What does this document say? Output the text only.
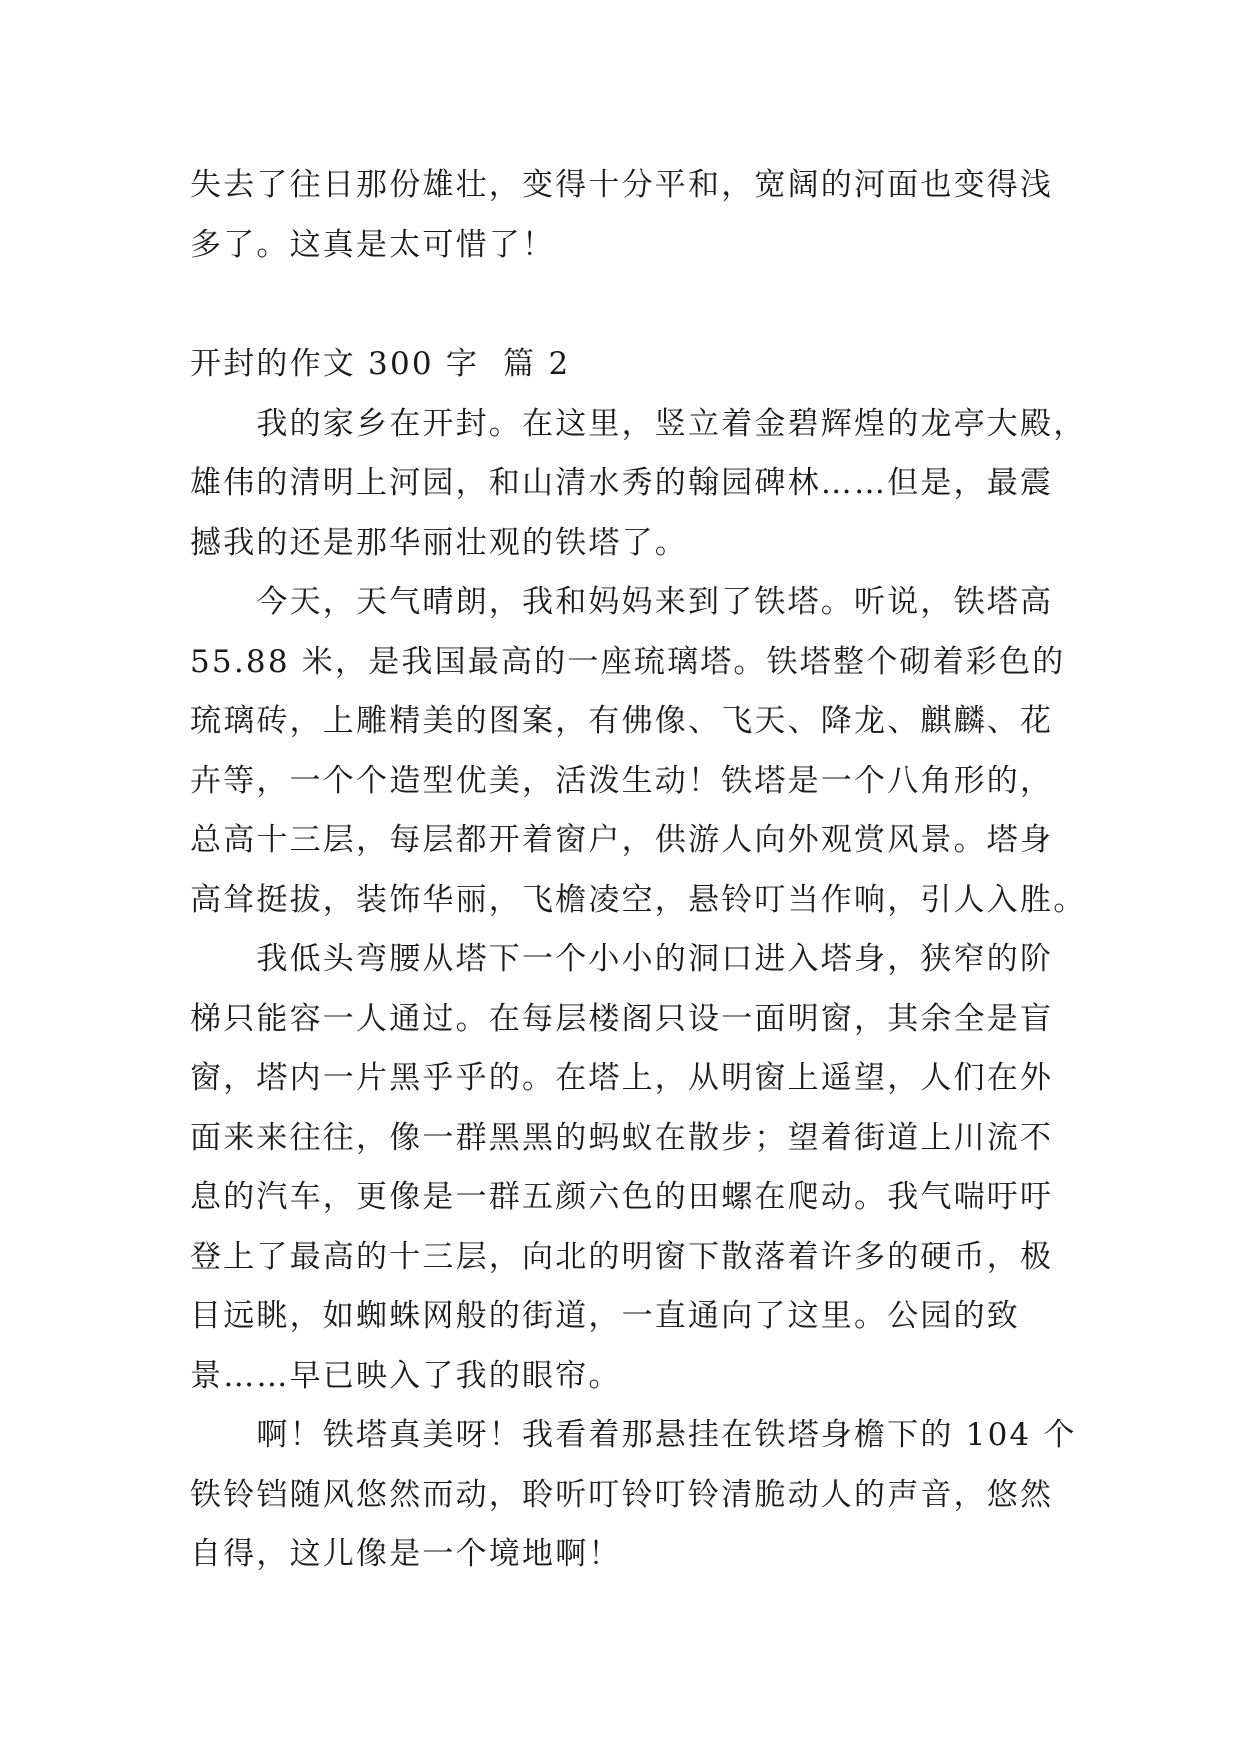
失去了往日那份雄壮，变得十分平和，宽阔的河面也变得浅
多了。这真是太可惜了！
开封的作文 300 字  篇 2
　　我的家乡在开封。在这里，竖立着金碧辉煌的龙亭大殿，
雄伟的清明上河园，和山清水秀的翰园碑林……但是，最震
撼我的还是那华丽壮观的铁塔了。
　　今天，天气晴朗，我和妈妈来到了铁塔。听说，铁塔高
55.88 米，是我国最高的一座琉璃塔。铁塔整个砌着彩色的
琉璃砖，上雕精美的图案，有佛像、飞天、降龙、麒麟、花
卉等，一个个造型优美，活泼生动！铁塔是一个八角形的，
总高十三层，每层都开着窗户，供游人向外观赏风景。塔身
高耸挺拔，装饰华丽，飞檐凌空，悬铃叮当作响，引人入胜。
　　我低头弯腰从塔下一个小小的洞口进入塔身，狭窄的阶
梯只能容一人通过。在每层楼阁只设一面明窗，其余全是盲
窗，塔内一片黑乎乎的。在塔上，从明窗上遥望，人们在外
面来来往往，像一群黑黑的蚂蚁在散步；望着街道上川流不
息的汽车，更像是一群五颜六色的田螺在爬动。我气喘吁吁
登上了最高的十三层，向北的明窗下散落着许多的硬币，极
目远眺，如蜘蛛网般的街道，一直通向了这里。公园的致
景……早已映入了我的眼帘。
　　啊！铁塔真美呀！我看着那悬挂在铁塔身檐下的 104 个
铁铃铛随风悠然而动，聆听叮铃叮铃清脆动人的声音，悠然
自得，这儿像是一个境地啊！
